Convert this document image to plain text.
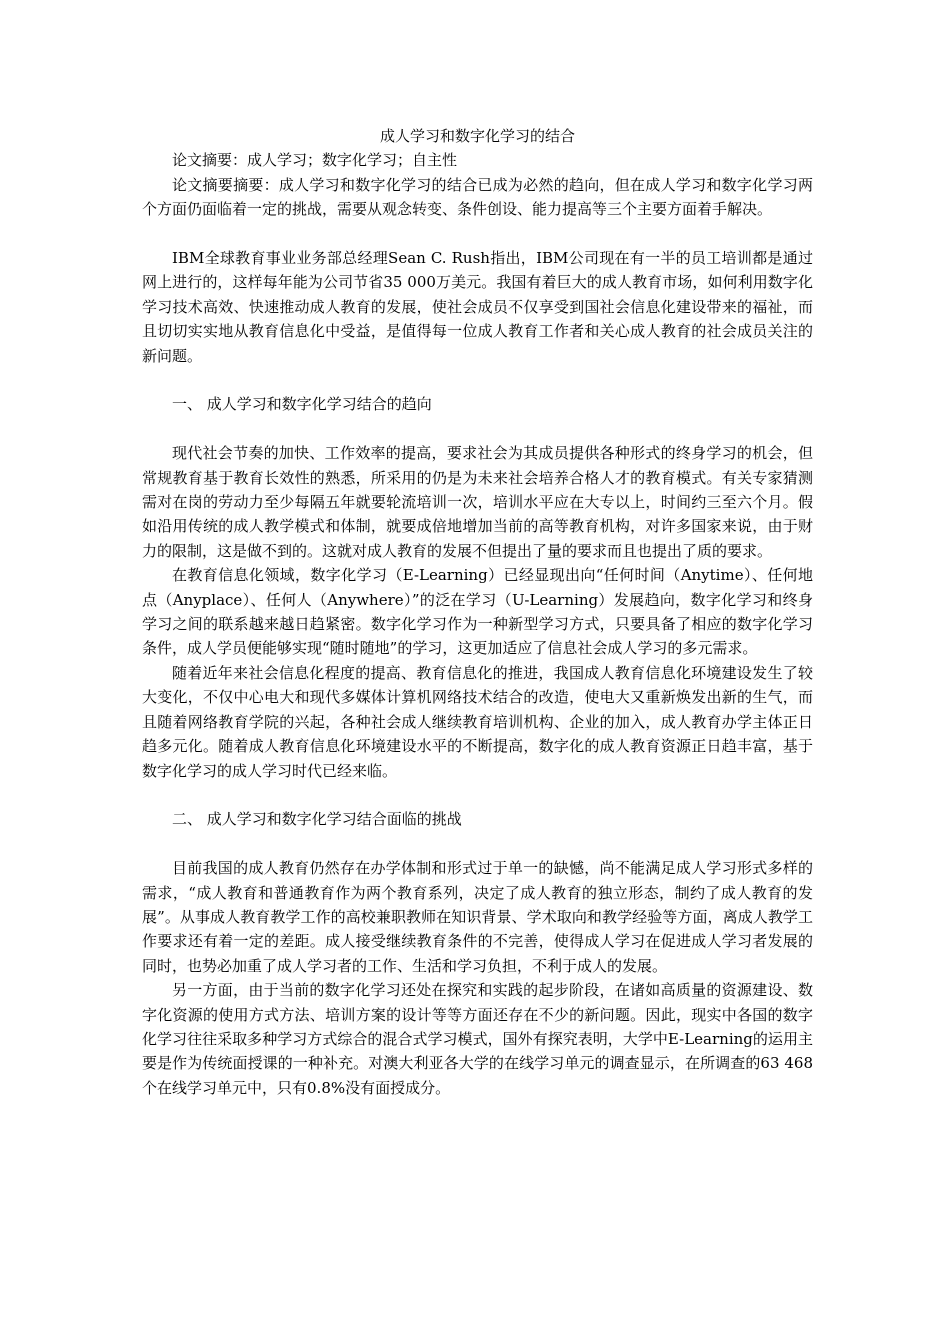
成人学习和数字化学习的结合

论文摘要：成人学习；数字化学习；自主性

论文摘要摘要：成人学习和数字化学习的结合已成为必然的趋向，但在成人学习和数字化学习两个方面仍面临着一定的挑战，需要从观念转变、条件创设、能力提高等三个主要方面着手解决。

IBM全球教育事业业务部总经理Sean C. Rush指出，IBM公司现在有一半的员工培训都是通过网上进行的，这样每年能为公司节省35 000万美元。我国有着巨大的成人教育市场，如何利用数字化学习技术高效、快速推动成人教育的发展，使社会成员不仅享受到国社会信息化建设带来的福祉，而且切切实实地从教育信息化中受益，是值得每一位成人教育工作者和关心成人教育的社会成员关注的新问题。

一、 成人学习和数字化学习结合的趋向

现代社会节奏的加快、工作效率的提高，要求社会为其成员提供各种形式的终身学习的机会，但常规教育基于教育长效性的熟悉，所采用的仍是为未来社会培养合格人才的教育模式。有关专家猜测需对在岗的劳动力至少每隔五年就要轮流培训一次，培训水平应在大专以上，时间约三至六个月。假如沿用传统的成人教学模式和体制，就要成倍地增加当前的高等教育机构，对许多国家来说，由于财力的限制，这是做不到的。这就对成人教育的发展不但提出了量的要求而且也提出了质的要求。

在教育信息化领域，数字化学习（E-Learning）已经显现出向“任何时间（Anytime）、任何地点（Anyplace）、任何人（Anywhere）”的泛在学习（U-Learning）发展趋向，数字化学习和终身学习之间的联系越来越日趋紧密。数字化学习作为一种新型学习方式，只要具备了相应的数字化学习条件，成人学员便能够实现“随时随地”的学习，这更加适应了信息社会成人学习的多元需求。

随着近年来社会信息化程度的提高、教育信息化的推进，我国成人教育信息化环境建设发生了较大变化，不仅中心电大和现代多媒体计算机网络技术结合的改造，使电大又重新焕发出新的生气，而且随着网络教育学院的兴起，各种社会成人继续教育培训机构、企业的加入，成人教育办学主体正日趋多元化。随着成人教育信息化环境建设水平的不断提高，数字化的成人教育资源正日趋丰富，基于数字化学习的成人学习时代已经来临。

二、 成人学习和数字化学习结合面临的挑战

目前我国的成人教育仍然存在办学体制和形式过于单一的缺憾，尚不能满足成人学习形式多样的需求，“成人教育和普通教育作为两个教育系列，决定了成人教育的独立形态，制约了成人教育的发展”。从事成人教育教学工作的高校兼职教师在知识背景、学术取向和教学经验等方面，离成人教学工作要求还有着一定的差距。成人接受继续教育条件的不完善，使得成人学习在促进成人学习者发展的同时，也势必加重了成人学习者的工作、生活和学习负担，不利于成人的发展。

另一方面，由于当前的数字化学习还处在探究和实践的起步阶段，在诸如高质量的资源建设、数字化资源的使用方式方法、培训方案的设计等等方面还存在不少的新问题。因此，现实中各国的数字化学习往往采取多种学习方式综合的混合式学习模式，国外有探究表明，大学中E-Learning的运用主要是作为传统面授课的一种补充。对澳大利亚各大学的在线学习单元的调查显示，在所调查的63 468个在线学习单元中，只有0.8%没有面授成分。
